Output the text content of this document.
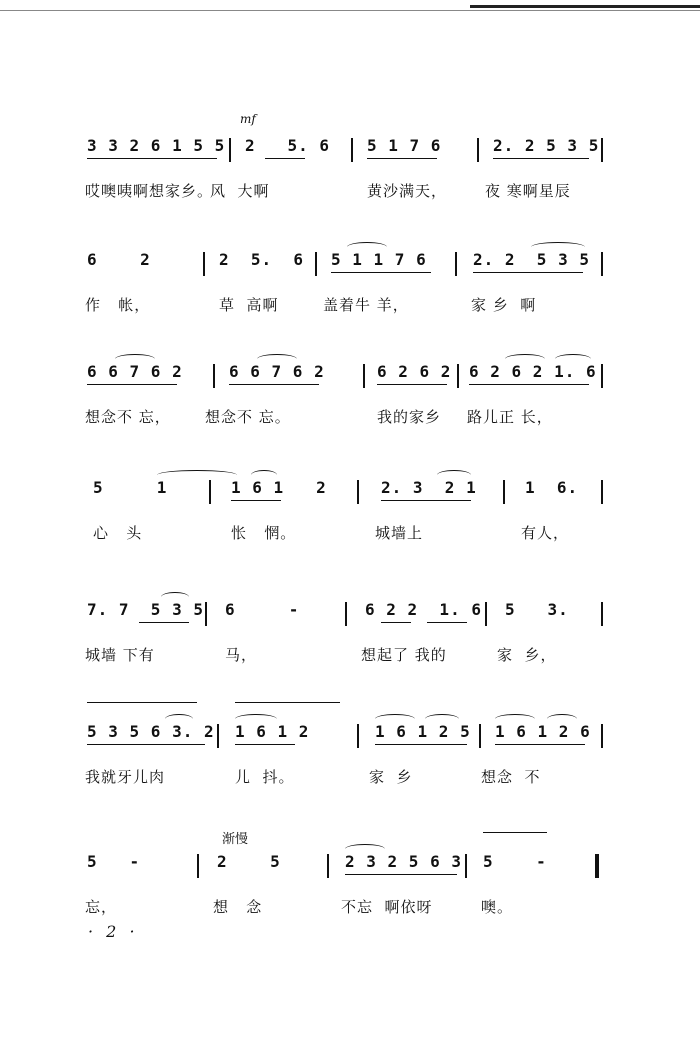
mf
渐慢
3 3 2 6 1 5 5 2   5. 6 5 1 7 6	2. 2 5 3 5
哎噢咦啊想家乡。
风  大啊	黄沙满天，	夜 寒啊星辰
6    2	2  5.  6 5 1 1 7 6	2. 2  5 3 5
作   帐，	草  高啊	盖着牛 羊，	家 乡  啊
6 6 7 6 2	6 6 7 6 2	6 2 6 2 6 2 6 2 1. 6
想念不 忘， 想念不 忘。	我的家乡 路儿正 长，
5     1	1 6 1   2	2. 3  2 1	1  6.
心   头	怅   惘。	城墙上	有人，
7. 7  5 3 5 6     -	6 2 2  1. 6 5   3.
城墙 下有	马，	想起了 我的	家  乡，
5 3 5 6 3. 2 1 6 1 2	1 6 1 2 5 1 6 1 2 6
我就牙儿肉	儿  抖。	家  乡	想念  不
5   -	2    5	2 3 2 5 6 3 5    -
忘，	想   念	不忘  啊依呀	噢。
· 2 ·
